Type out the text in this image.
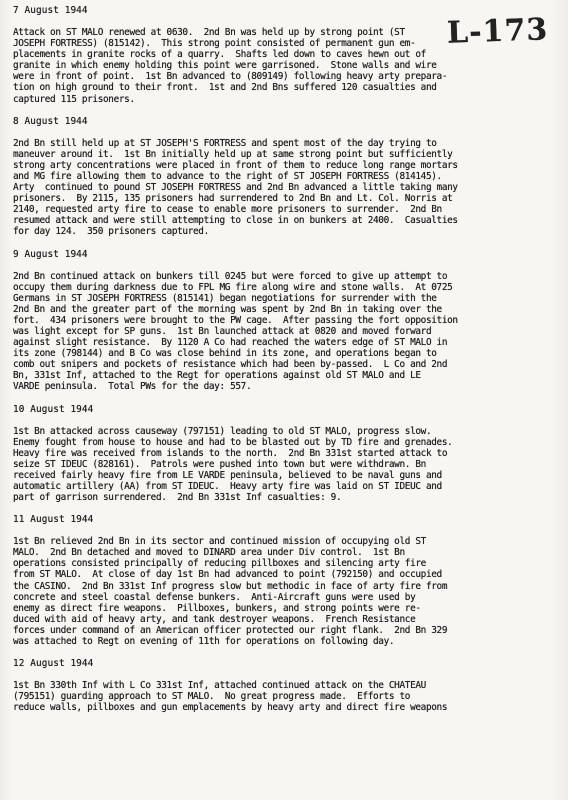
L-173
7 August 1944
Attack on ST MALO renewed at 0630.  2nd Bn was held up by strong point (ST
JOSEPH FORTRESS) (815142).  This strong point consisted of permanent gun em-
placements in granite rocks of a quarry.  Shafts led down to caves hewn out of
granite in which enemy holding this point were garrisoned.  Stone walls and wire
were in front of point.  1st Bn advanced to (809149) following heavy arty prepara-
tion on high ground to their front.  1st and 2nd Bns suffered 120 casualties and
captured 115 prisoners.
8 August 1944
2nd Bn still held up at ST JOSEPH'S FORTRESS and spent most of the day trying to
maneuver around it.  1st Bn initially held up at same strong point but sufficiently
strong arty concentrations were placed in front of them to reduce long range mortars
and MG fire allowing them to advance to the right of ST JOSEPH FORTRESS (814145).
Arty  continued to pound ST JOSEPH FORTRESS and 2nd Bn advanced a little taking many
prisoners.  By 2115, 135 prisoners had surrendered to 2nd Bn and Lt. Col. Norris at
2140, requested arty fire to cease to enable more prisoners to surrender.  2nd Bn
resumed attack and were still attempting to close in on bunkers at 2400.  Casualties
for day 124.  350 prisoners captured.
9 August 1944
2nd Bn continued attack on bunkers till 0245 but were forced to give up attempt to
occupy them during darkness due to FPL MG fire along wire and stone walls.  At 0725
Germans in ST JOSEPH FORTRESS (815141) began negotiations for surrender with the
2nd Bn and the greater part of the morning was spent by 2nd Bn in taking over the
fort.  434 prisoners were brought to the PW cage.  After passing the fort opposition
was light except for SP guns.  1st Bn launched attack at 0820 and moved forward
against slight resistance.  By 1120 A Co had reached the waters edge of ST MALO in
its zone (798144) and B Co was close behind in its zone, and operations began to
comb out snipers and pockets of resistance which had been by-passed.  L Co and 2nd
Bn, 331st Inf, attached to the Regt for operations against old ST MALO and LE
VARDE peninsula.  Total PWs for the day: 557.
10 August 1944
1st Bn attacked across causeway (797151) leading to old ST MALO, progress slow.
Enemy fought from house to house and had to be blasted out by TD fire and grenades.
Heavy fire was received from islands to the north.  2nd Bn 331st started attack to
seize ST IDEUC (828161).  Patrols were pushed into town but were withdrawn. Bn
received fairly heavy fire from LE VARDE peninsula, believed to be naval guns and
automatic artillery (AA) from ST IDEUC.  Heavy arty fire was laid on ST IDEUC and
part of garrison surrendered.  2nd Bn 331st Inf casualties: 9.
11 August 1944
1st Bn relieved 2nd Bn in its sector and continued mission of occupying old ST
MALO.  2nd Bn detached and moved to DINARD area under Div control.  1st Bn
operations consisted principally of reducing pillboxes and silencing arty fire
from ST MALO.  At close of day 1st Bn had advanced to point (792150) and occupied
the CASINO.  2nd Bn 331st Inf progress slow but methodic in face of arty fire from
concrete and steel coastal defense bunkers.  Anti-Aircraft guns were used by
enemy as direct fire weapons.  Pillboxes, bunkers, and strong points were re-
duced with aid of heavy arty, and tank destroyer weapons.  French Resistance
forces under command of an American officer protected our right flank.  2nd Bn 329
was attached to Regt on evening of 11th for operations on following day.
12 August 1944
1st Bn 330th Inf with L Co 331st Inf, attached continued attack on the CHATEAU
(795151) guarding approach to ST MALO.  No great progress made.  Efforts to
reduce walls, pillboxes and gun emplacements by heavy arty and direct fire weapons
